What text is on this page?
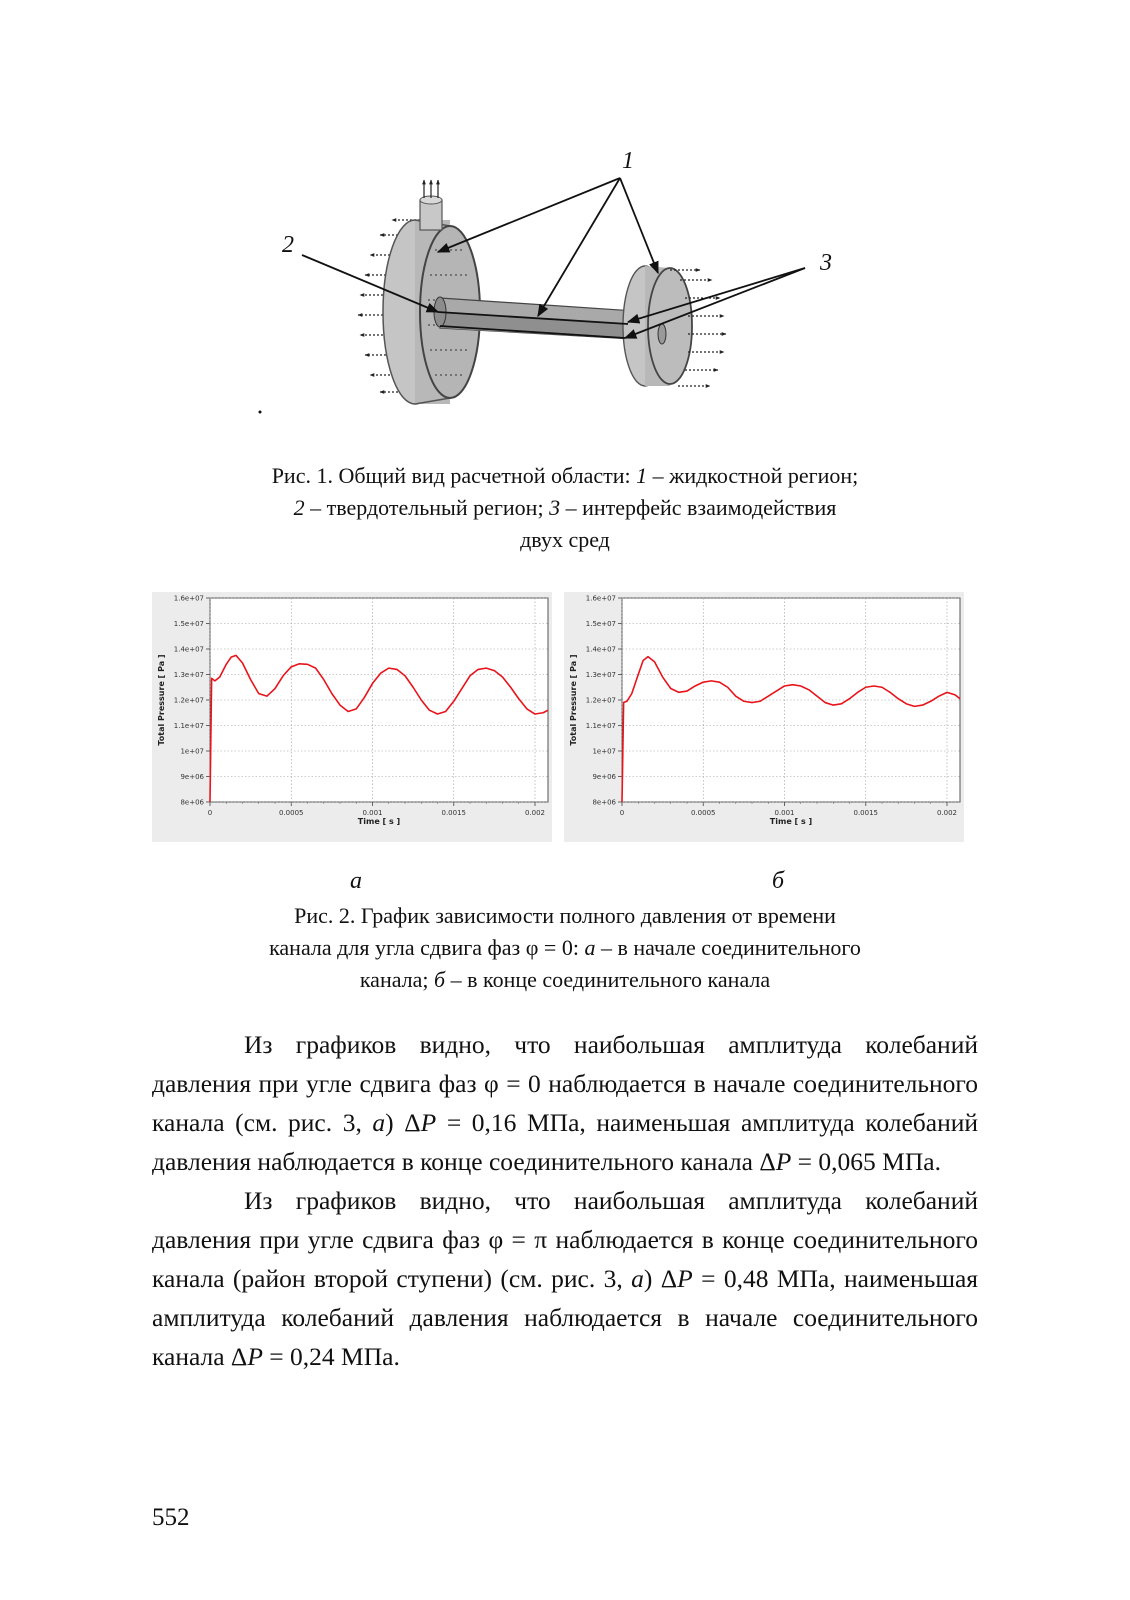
1
2
3
Рис. 1. Общий вид расчетной области: 1 – жидкостной регион;
2 – твердотельный регион; 3 – интерфейс взаимодействия
двух сред
8e+06
9e+06
1e+07
1.1e+07
1.2e+07
1.3e+07
1.4e+07
1.5e+07
1.6e+07
0	0.0005	0.001	0.0015	0.002
Time [ s ]
Total Pressure [ Pa ]
8e+06
9e+06
1e+07
1.1e+07
1.2e+07
1.3e+07
1.4e+07
1.5e+07
1.6e+07
0	0.0005	0.001	0.0015	0.002
Time [ s ]
Total Pressure [ Pa ]
а	б
Рис. 2. График зависимости полного давления от времени
канала для угла сдвига фаз φ = 0: а – в начале соединительного
канала; б – в конце соединительного канала

Из графиков видно, что наибольшая амплитуда колебаний давления при угле сдвига фаз φ = 0 наблюдается в начале соединительного канала (см. рис. 3, а) ΔP = 0,16 МПа, наименьшая амплитуда колебаний давления наблюдается в конце соединительного канала ΔP = 0,065 МПа.

Из графиков видно, что наибольшая амплитуда колебаний давления при угле сдвига фаз φ = π наблюдается в конце соединительного канала (район второй ступени) (см. рис. 3, а) ΔP = 0,48 МПа, наименьшая амплитуда колебаний давления наблюдается в начале соединительного канала ΔP = 0,24 МПа.

552
